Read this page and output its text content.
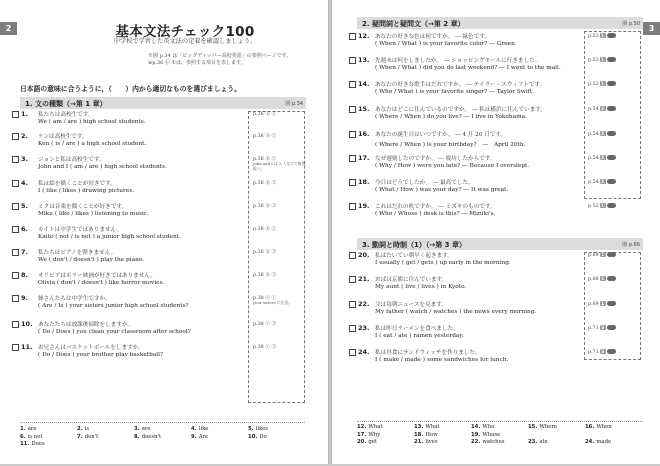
2	基本文法チェック100
中学校で学習した英文法の定着を確認しましょう。
※圏 p.34 は「ビッグディッパー高校英語」の参照ページです。
※p.36 ⓑ ①は、参照する項目を表します。
日本語の意味に合うように，（　　）内から適切なものを選びましょう。
1. 文の種類（→第 1 章）	圏 p.34
1. 私たちは高校生です。
We ( am / are ) high school students.
p.36 ⓑ ①
2. ケンは高校生です。
Ken ( is / are ) a high school student.
p.36 ⓑ ①
3. ジョンと私は高校生です。
John and I ( am / are ) high school students.
p.36 ⓑ ①
John and I は 2 人なので複数扱い。
4. 私は絵を描くことが好きです。
I ( like / likes ) drawing pictures.
p.36 ⓑ ②
5. ミクは音楽を聞くことが好きです。
Miku ( like / likes ) listening to music.
p.36 ⓑ ②
6. カイトは中学生ではありません。
Kaito ( not / is not ) a junior high school student.
p.36 ⓑ ①
7. 私たちはピアノを弾きません。
We ( don't / doesn't ) play the piano.
p.36 ⓑ ②
8. オリビアはホラー映画が好きではありません。
Olivia ( don't / doesn't ) like horror movies.
p.36 ⓑ ②
9. 姉さんたちは中学生ですか。
( Are / Is ) your sisters junior high school students?
p.38 ⓒ ①
your sisters に注意。
10. あなたたちは放課後掃除をしますか。
( Do / Does ) you clean your classroom after school?
p.38 ⓒ ②
11. お兄さんはバスケットボールをしますか。
( Do / Does ) your brother play basketball?
p.38 ⓒ ②
1. are	2. is	3. are	4. like	5. likes
6. is not	7. don't	8. doesn't	9. Are	10. Do
11. Does
3
2. 疑問詞と疑問文（→第 2 章）	圏 p.50
12. あなたの好きな色は何ですか。 ― 緑色です。
( When / What ) is your favorite color? ― Green.
p.53 1
13. 先週末は何をしましたか。 ― ショッピングモールに行きました。
( When / What ) did you do last weekend? ― I went to the mall.
p.53 1
14. あなたの好きな歌手はだれですか。 ― テイラー・スウィフトです。
( Who / What ) is your favorite singer? ― Taylor Swift.
p.52 1
15. あなたはどこに住んでいるのですか。 ― 私は横浜に住んでいます。
( Where / When ) do you live? ― I live in Yokohama.
p.54 2
16. あなたの誕生日はいつですか。 ― 4 月 20 日です。
( Where / When ) is your birthday?　―　April 20th.
p.54 2
17. なぜ遅刻したのですか。 ― 寝坊したからです。
( Why / How ) were you late? ― Because I overslept.
p.54 2
18. 今日はどうでしたか。 ― 最高でした。
( What / How ) was your day? ― It was great.
p.54 2
19. これはだれの机ですか。 ― ミズキのものです。
( Who / Whose ) desk is this? ― Mizuki's.
p.52 1
3. 動詞と時制（1）（→第 3 章）	圏 p.66
20. 私はたいてい朝早く起きます。
I usually ( get / gets ) up early in the morning.
p.69 1
21. おばは京都に住んでいます。
My aunt ( live / lives ) in Kyoto.
p.68 1
22. 父は毎朝ニュースを見ます。
My father ( watch / watches ) the news every morning.
p.69 1
23. 私は昨日ラーメンを食べました。
I ( eat / ate ) ramen yesterday.
p.71 3
24. 私は昼食にサンドウィッチを作りました。
I ( make / made ) some sandwiches for lunch.
p.71 3
12. What	13. What	14. Who	15. Where	16. When
17. Why	18. How	19. Whose
20. get	21. lives	22. watches	23. ate	24. made
